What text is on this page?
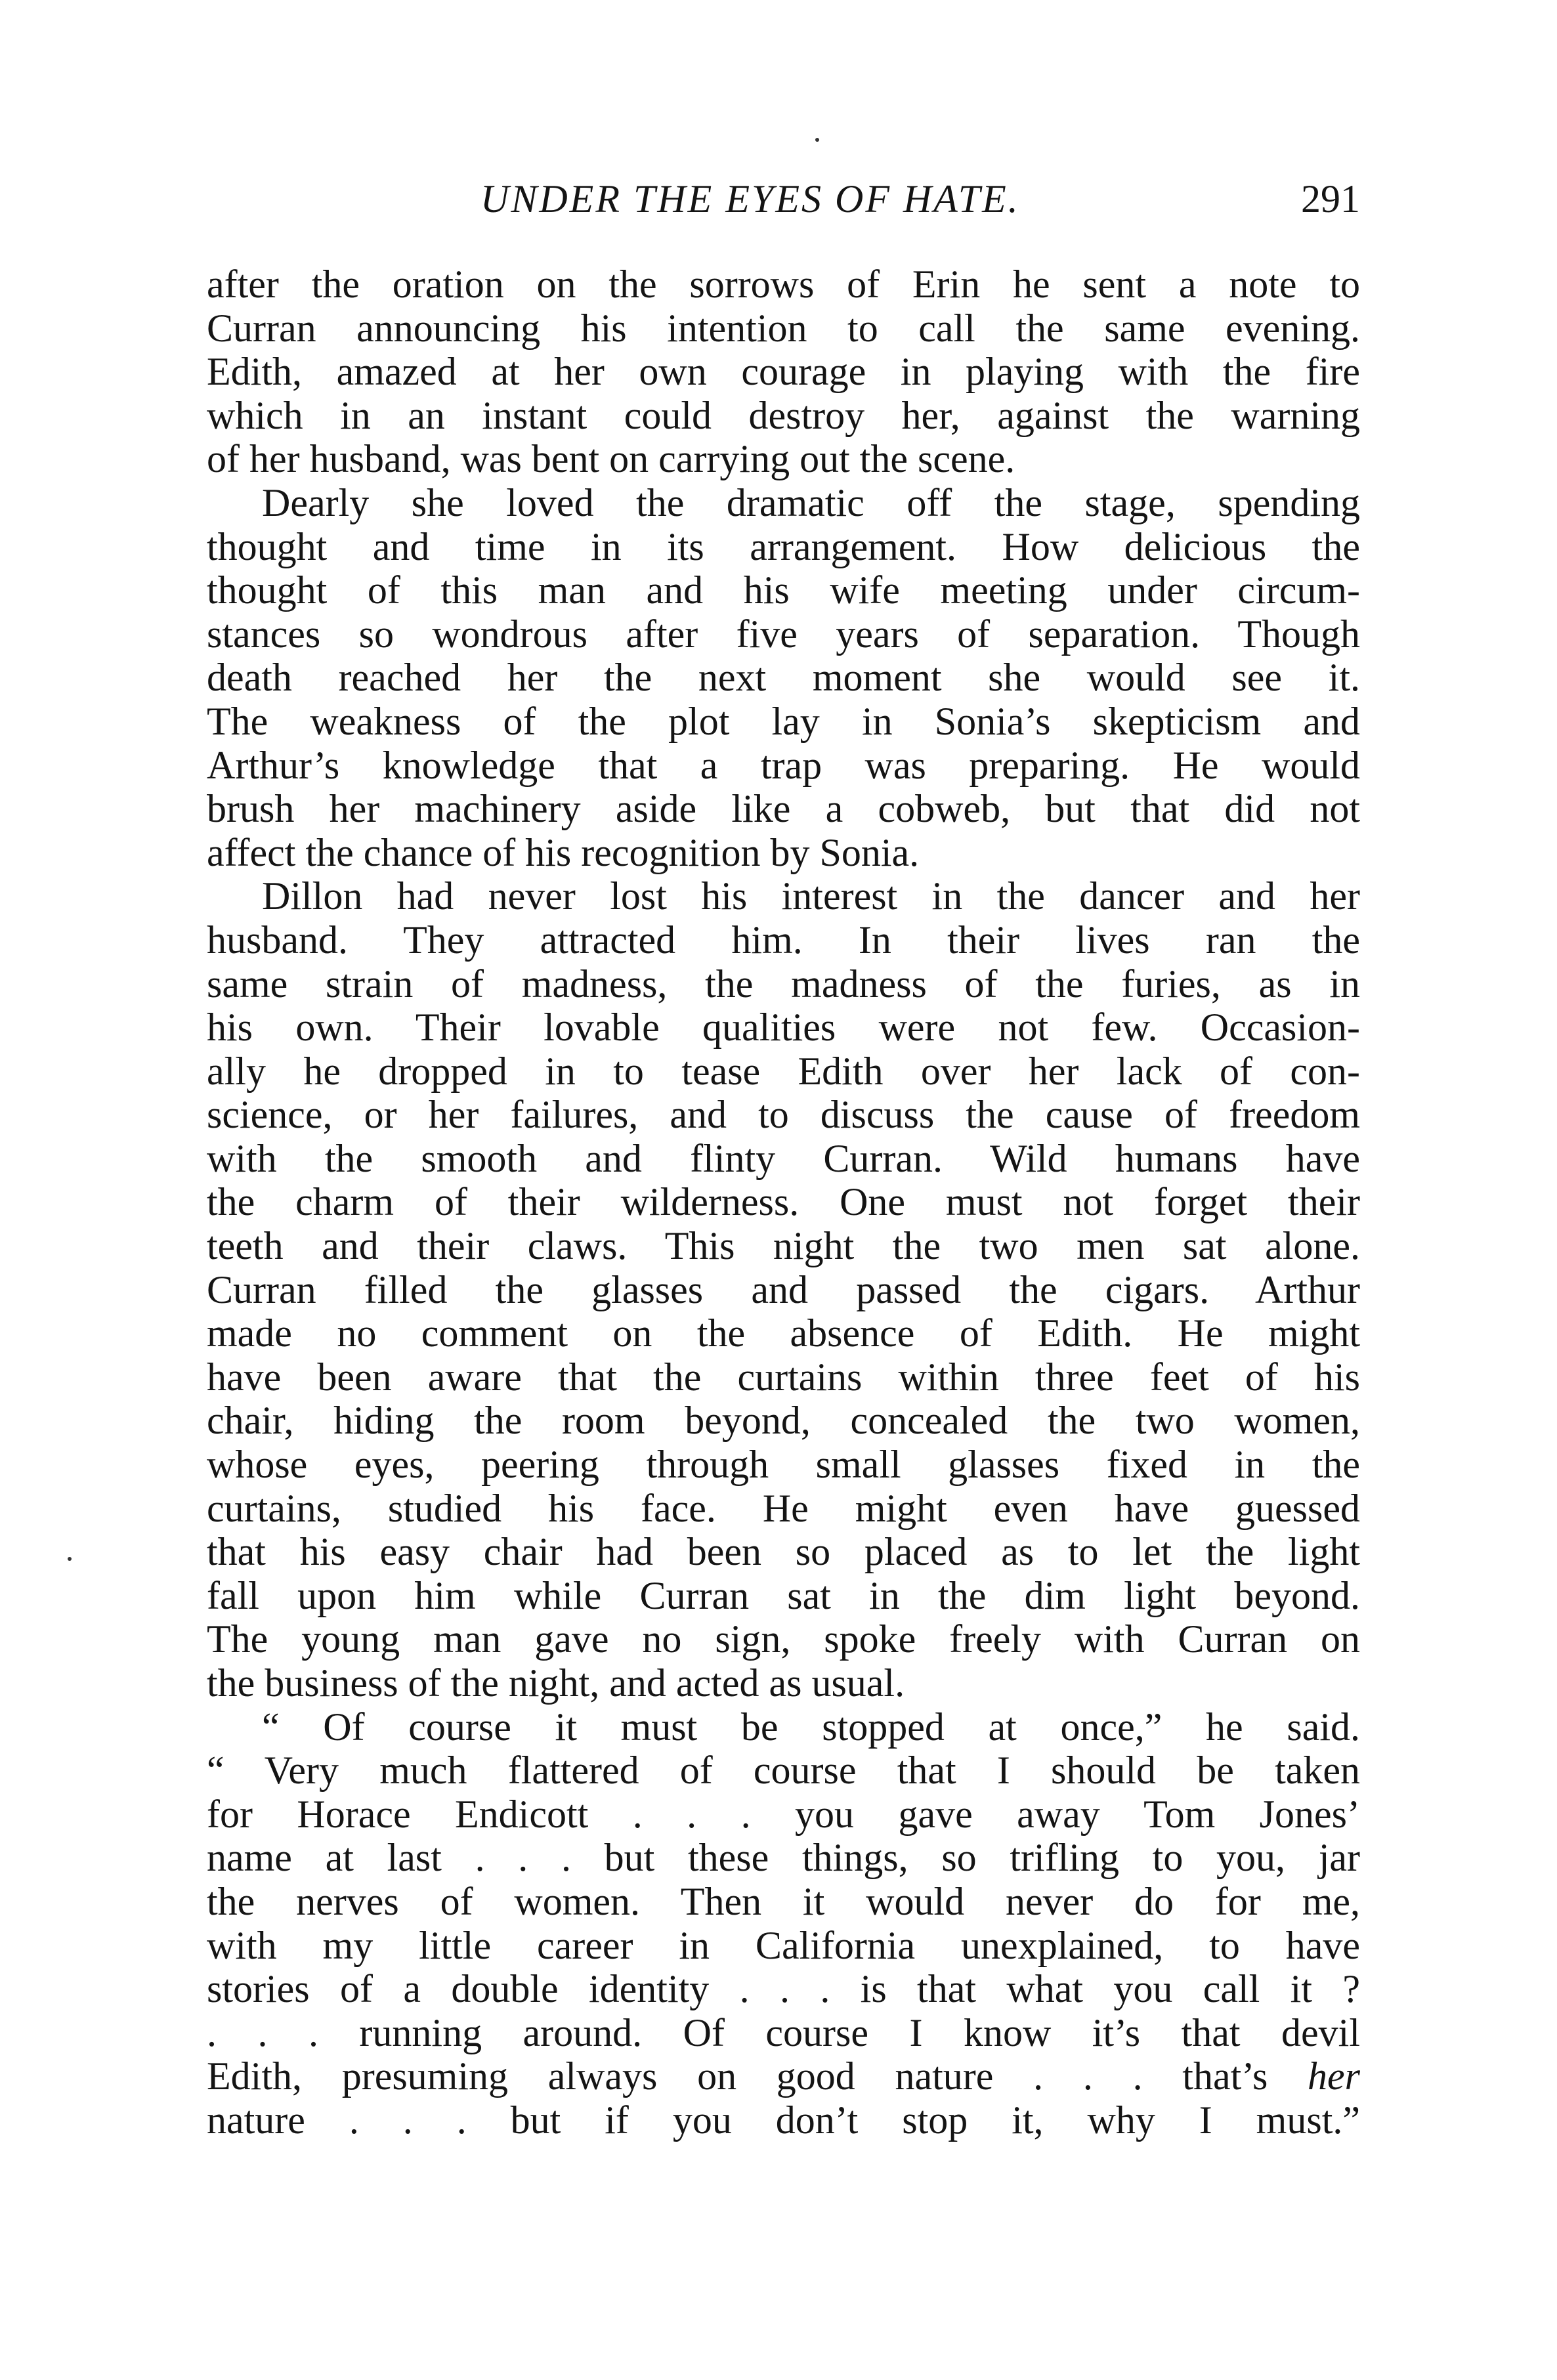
UNDER THE EYES OF HATE.	291
after the oration on the sorrows of Erin he sent a note to
Curran announcing his intention to call the same evening.
Edith, amazed at her own courage in playing with the fire
which in an instant could destroy her, against the warning
of her husband, was bent on carrying out the scene.
Dearly she loved the dramatic off the stage, spending
thought and time in its arrangement. How delicious the
thought of this man and his wife meeting under circum-
stances so wondrous after five years of separation. Though
death reached her the next moment she would see it.
The weakness of the plot lay in Sonia’s skepticism and
Arthur’s knowledge that a trap was preparing. He would
brush her machinery aside like a cobweb, but that did not
affect the chance of his recognition by Sonia.
Dillon had never lost his interest in the dancer and her
husband. They attracted him. In their lives ran the
same strain of madness, the madness of the furies, as in
his own. Their lovable qualities were not few. Occasion-
ally he dropped in to tease Edith over her lack of con-
science, or her failures, and to discuss the cause of freedom
with the smooth and flinty Curran. Wild humans have
the charm of their wilderness. One must not forget their
teeth and their claws. This night the two men sat alone.
Curran filled the glasses and passed the cigars. Arthur
made no comment on the absence of Edith. He might
have been aware that the curtains within three feet of his
chair, hiding the room beyond, concealed the two women,
whose eyes, peering through small glasses fixed in the
curtains, studied his face. He might even have guessed
that his easy chair had been so placed as to let the light
fall upon him while Curran sat in the dim light beyond.
The young man gave no sign, spoke freely with Curran on
the business of the night, and acted as usual.
“ Of course it must be stopped at once,” he said.
“ Very much flattered of course that I should be taken
for Horace Endicott . . . you gave away Tom Jones’
name at last . . . but these things, so trifling to you, jar
the nerves of women. Then it would never do for me,
with my little career in California unexplained, to have
stories of a double identity . . . is that what you call it ?
. . . running around. Of course I know it’s that devil
Edith, presuming always on good nature . . . that’s her
nature . . . but if you don’t stop it, why I must.”
